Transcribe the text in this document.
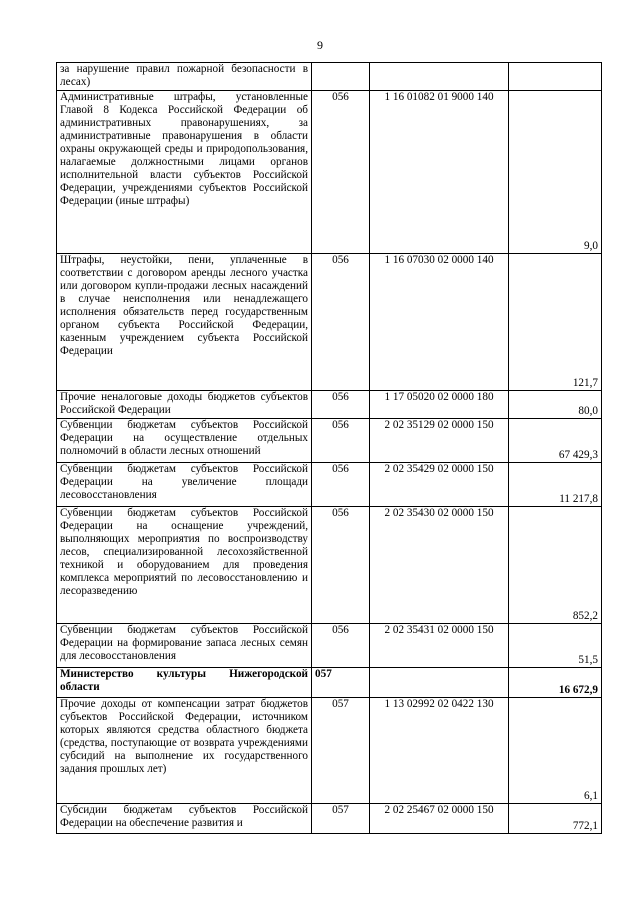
9
за нарушение правил пожарной безопасности в лесах)			
Административные штрафы, установленные Главой 8 Кодекса Российской Федерации об административных правонарушениях, за административные правонарушения в области охраны окружающей среды и природопользования, налагаемые должностными лицами органов исполнительной власти субъектов Российской Федерации, учреждениями субъектов Российской Федерации (иные штрафы)	056	1 16 01082 01 9000 140	9,0
Штрафы, неустойки, пени, уплаченные в соответствии с договором аренды лесного участка или договором купли-продажи лесных насаждений в случае неисполнения или ненадлежащего исполнения обязательств перед государственным органом субъекта Российской Федерации, казенным учреждением субъекта Российской Федерации	056	1 16 07030 02 0000 140	121,7
Прочие неналоговые доходы бюджетов субъектов Российской Федерации	056	1 17 05020 02 0000 180	80,0
Субвенции бюджетам субъектов Российской Федерации на осуществление отдельных полномочий в области лесных отношений	056	2 02 35129 02 0000 150	67 429,3
Субвенции бюджетам субъектов Российской Федерации на увеличение площади лесовосстановления	056	2 02 35429 02 0000 150	11 217,8
Субвенции бюджетам субъектов Российской Федерации на оснащение учреждений, выполняющих мероприятия по воспроизводству лесов, специализированной лесохозяйственной техникой и оборудованием для проведения комплекса мероприятий по лесовосстановлению и лесоразведению	056	2 02 35430 02 0000 150	852,2
Субвенции бюджетам субъектов Российской Федерации на формирование запаса лесных семян для лесовосстановления	056	2 02 35431 02 0000 150	51,5
Министерство культуры Нижегородской области	057		16 672,9
Прочие доходы от компенсации затрат бюджетов субъектов Российской Федерации, источником которых являются средства областного бюджета (средства, поступающие от возврата учреждениями субсидий на выполнение их государственного задания прошлых лет)	057	1 13 02992 02 0422 130	6,1
Субсидии бюджетам субъектов Российской Федерации на обеспечение развития и	057	2 02 25467 02 0000 150	772,1
